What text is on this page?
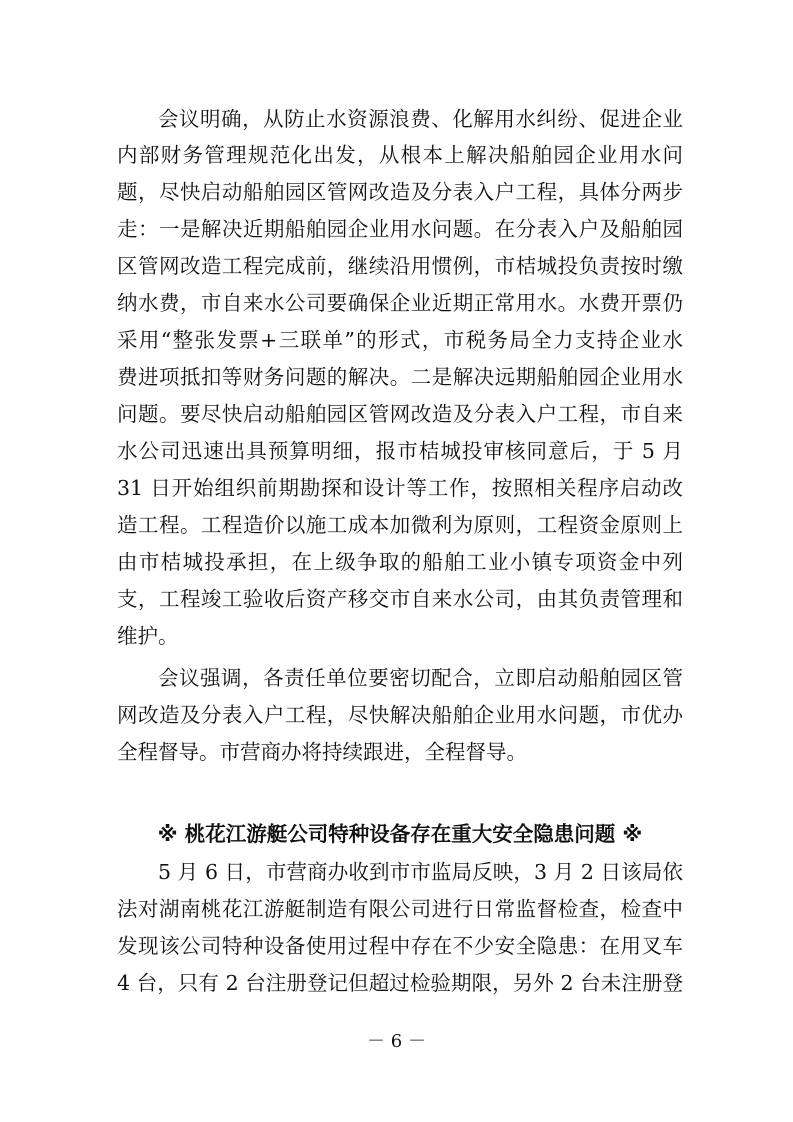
会议明确，从防止水资源浪费、化解用水纠纷、促进企业
内部财务管理规范化出发，从根本上解决船舶园企业用水问
题，尽快启动船舶园区管网改造及分表入户工程，具体分两步
走：一是解决近期船舶园企业用水问题。在分表入户及船舶园
区管网改造工程完成前，继续沿用惯例，市桔城投负责按时缴
纳水费，市自来水公司要确保企业近期正常用水。水费开票仍
采用“整张发票+三联单”的形式，市税务局全力支持企业水
费进项抵扣等财务问题的解决。二是解决远期船舶园企业用水
问题。要尽快启动船舶园区管网改造及分表入户工程，市自来
水公司迅速出具预算明细，报市桔城投审核同意后，于 5 月
31 日开始组织前期勘探和设计等工作，按照相关程序启动改
造工程。工程造价以施工成本加微利为原则，工程资金原则上
由市桔城投承担，在上级争取的船舶工业小镇专项资金中列
支，工程竣工验收后资产移交市自来水公司，由其负责管理和
维护。
会议强调，各责任单位要密切配合，立即启动船舶园区管
网改造及分表入户工程，尽快解决船舶企业用水问题，市优办
全程督导。市营商办将持续跟进，全程督导。
※ 桃花江游艇公司特种设备存在重大安全隐患问题 ※
5 月 6 日，市营商办收到市市监局反映，3 月 2 日该局依
法对湖南桃花江游艇制造有限公司进行日常监督检查，检查中
发现该公司特种设备使用过程中存在不少安全隐患：在用叉车
4 台，只有 2 台注册登记但超过检验期限，另外 2 台未注册登
－ 6 －
